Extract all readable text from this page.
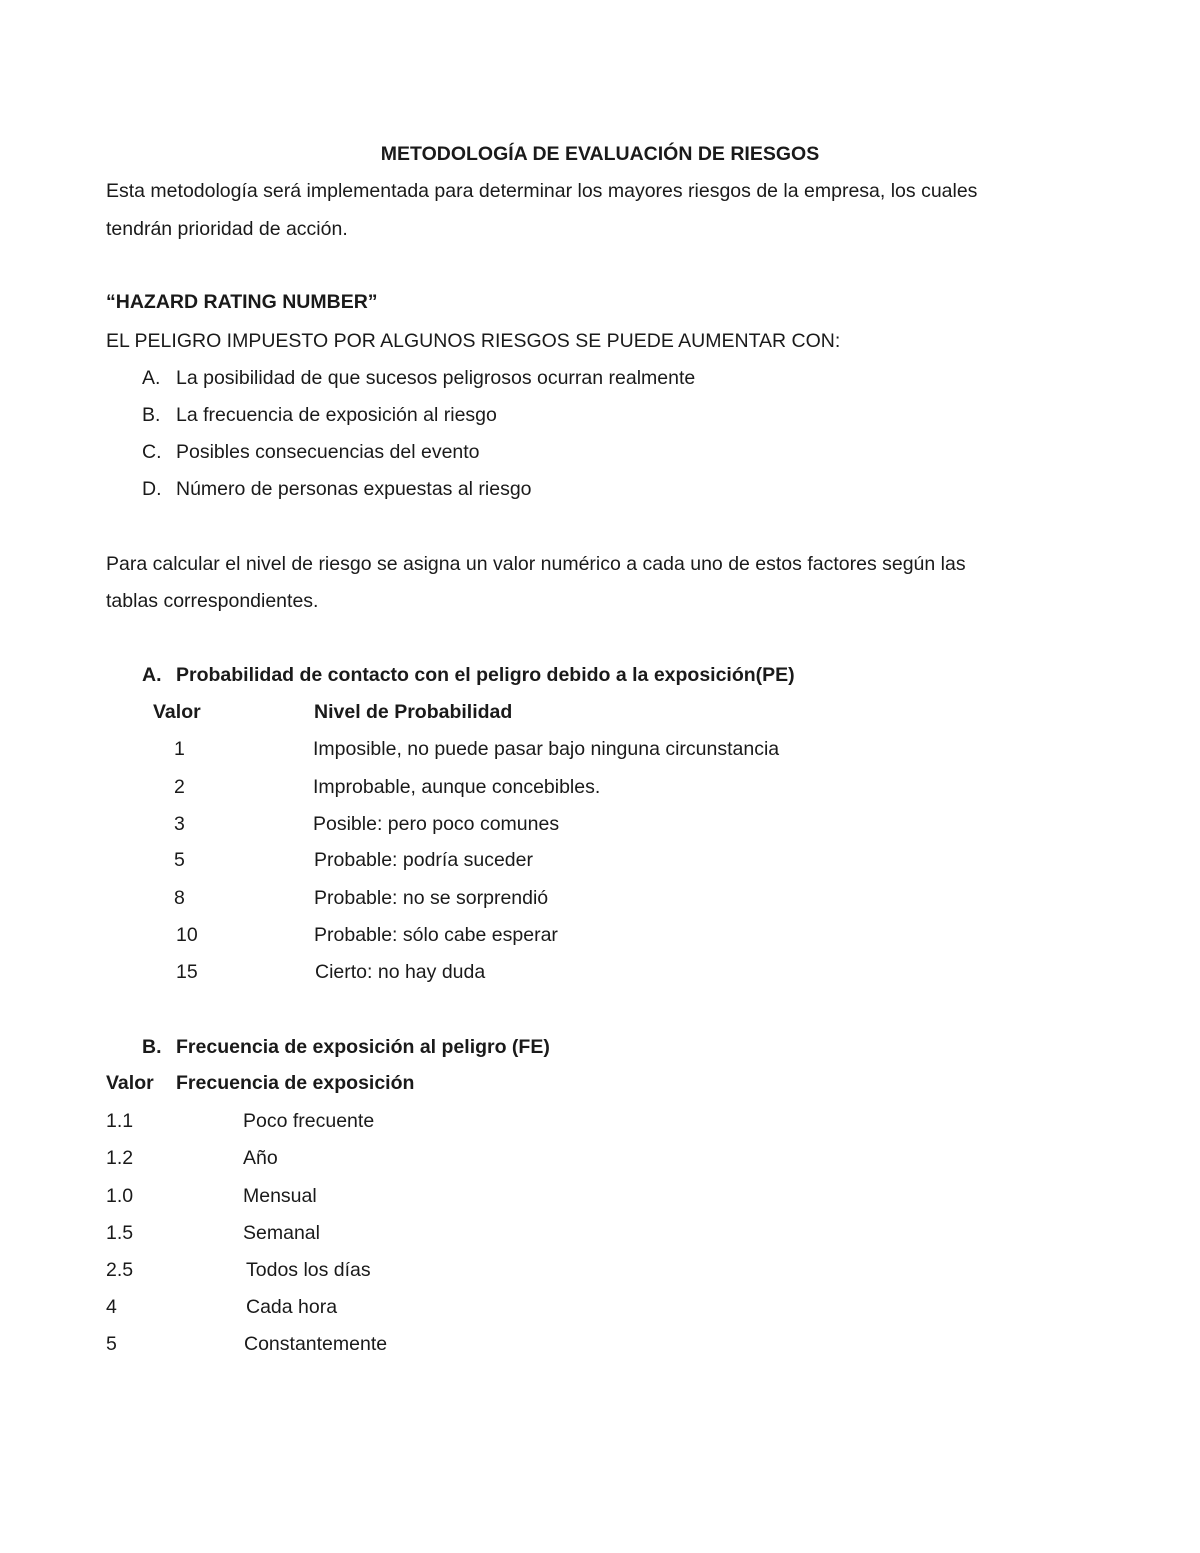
METODOLOGÍA DE EVALUACIÓN DE RIESGOS
Esta metodología será implementada para determinar los mayores riesgos de la empresa, los cuales
tendrán prioridad de acción.
“HAZARD RATING NUMBER”
EL PELIGRO IMPUESTO POR ALGUNOS RIESGOS SE PUEDE AUMENTAR CON:
A. La posibilidad de que sucesos peligrosos ocurran realmente
B. La frecuencia de exposición al riesgo
C. Posibles consecuencias del evento
D. Número de personas expuestas al riesgo
Para calcular el nivel de riesgo se asigna un valor numérico a cada uno de estos factores según las
tablas correspondientes.
A. Probabilidad de contacto con el peligro debido a la exposición(PE)
Valor	Nivel de Probabilidad
1	Imposible, no puede pasar bajo ninguna circunstancia
2	Improbable, aunque concebibles.
3	Posible: pero poco comunes
5	Probable: podría suceder
8	Probable: no se sorprendió
10	Probable: sólo cabe esperar
15	Cierto: no hay duda
B. Frecuencia de exposición al peligro (FE)
Valor Frecuencia de exposición
1.1	Poco frecuente
1.2	Año
1.0	Mensual
1.5	Semanal
2.5	Todos los días
4	Cada hora
5	Constantemente
